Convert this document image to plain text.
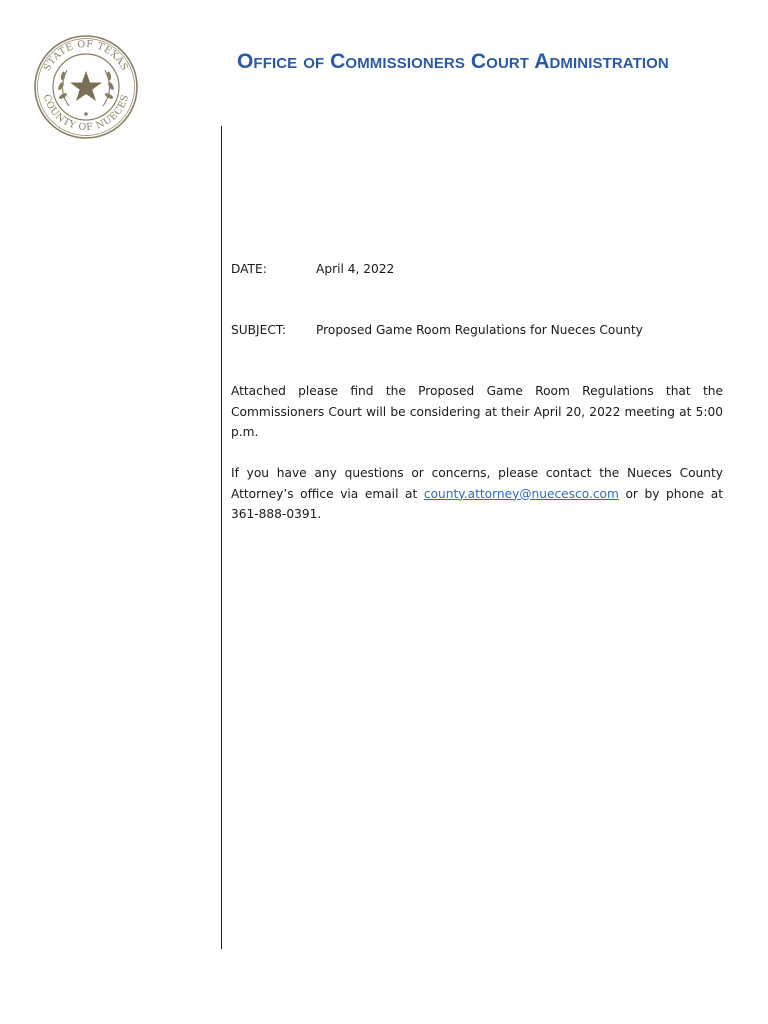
STATE OF TEXAS
COUNTY OF NUECES
Office of Commissioners Court Administration
DATE:	April 4, 2022
SUBJECT: Proposed Game Room Regulations for Nueces County
Attached please find the Proposed Game Room Regulations that the Commissioners Court will be considering at their April 20, 2022 meeting at 5:00 p.m.
If you have any questions or concerns, please contact the Nueces County Attorney’s office via email at county.attorney@nuecesco.com or by phone at 361-888-0391.
